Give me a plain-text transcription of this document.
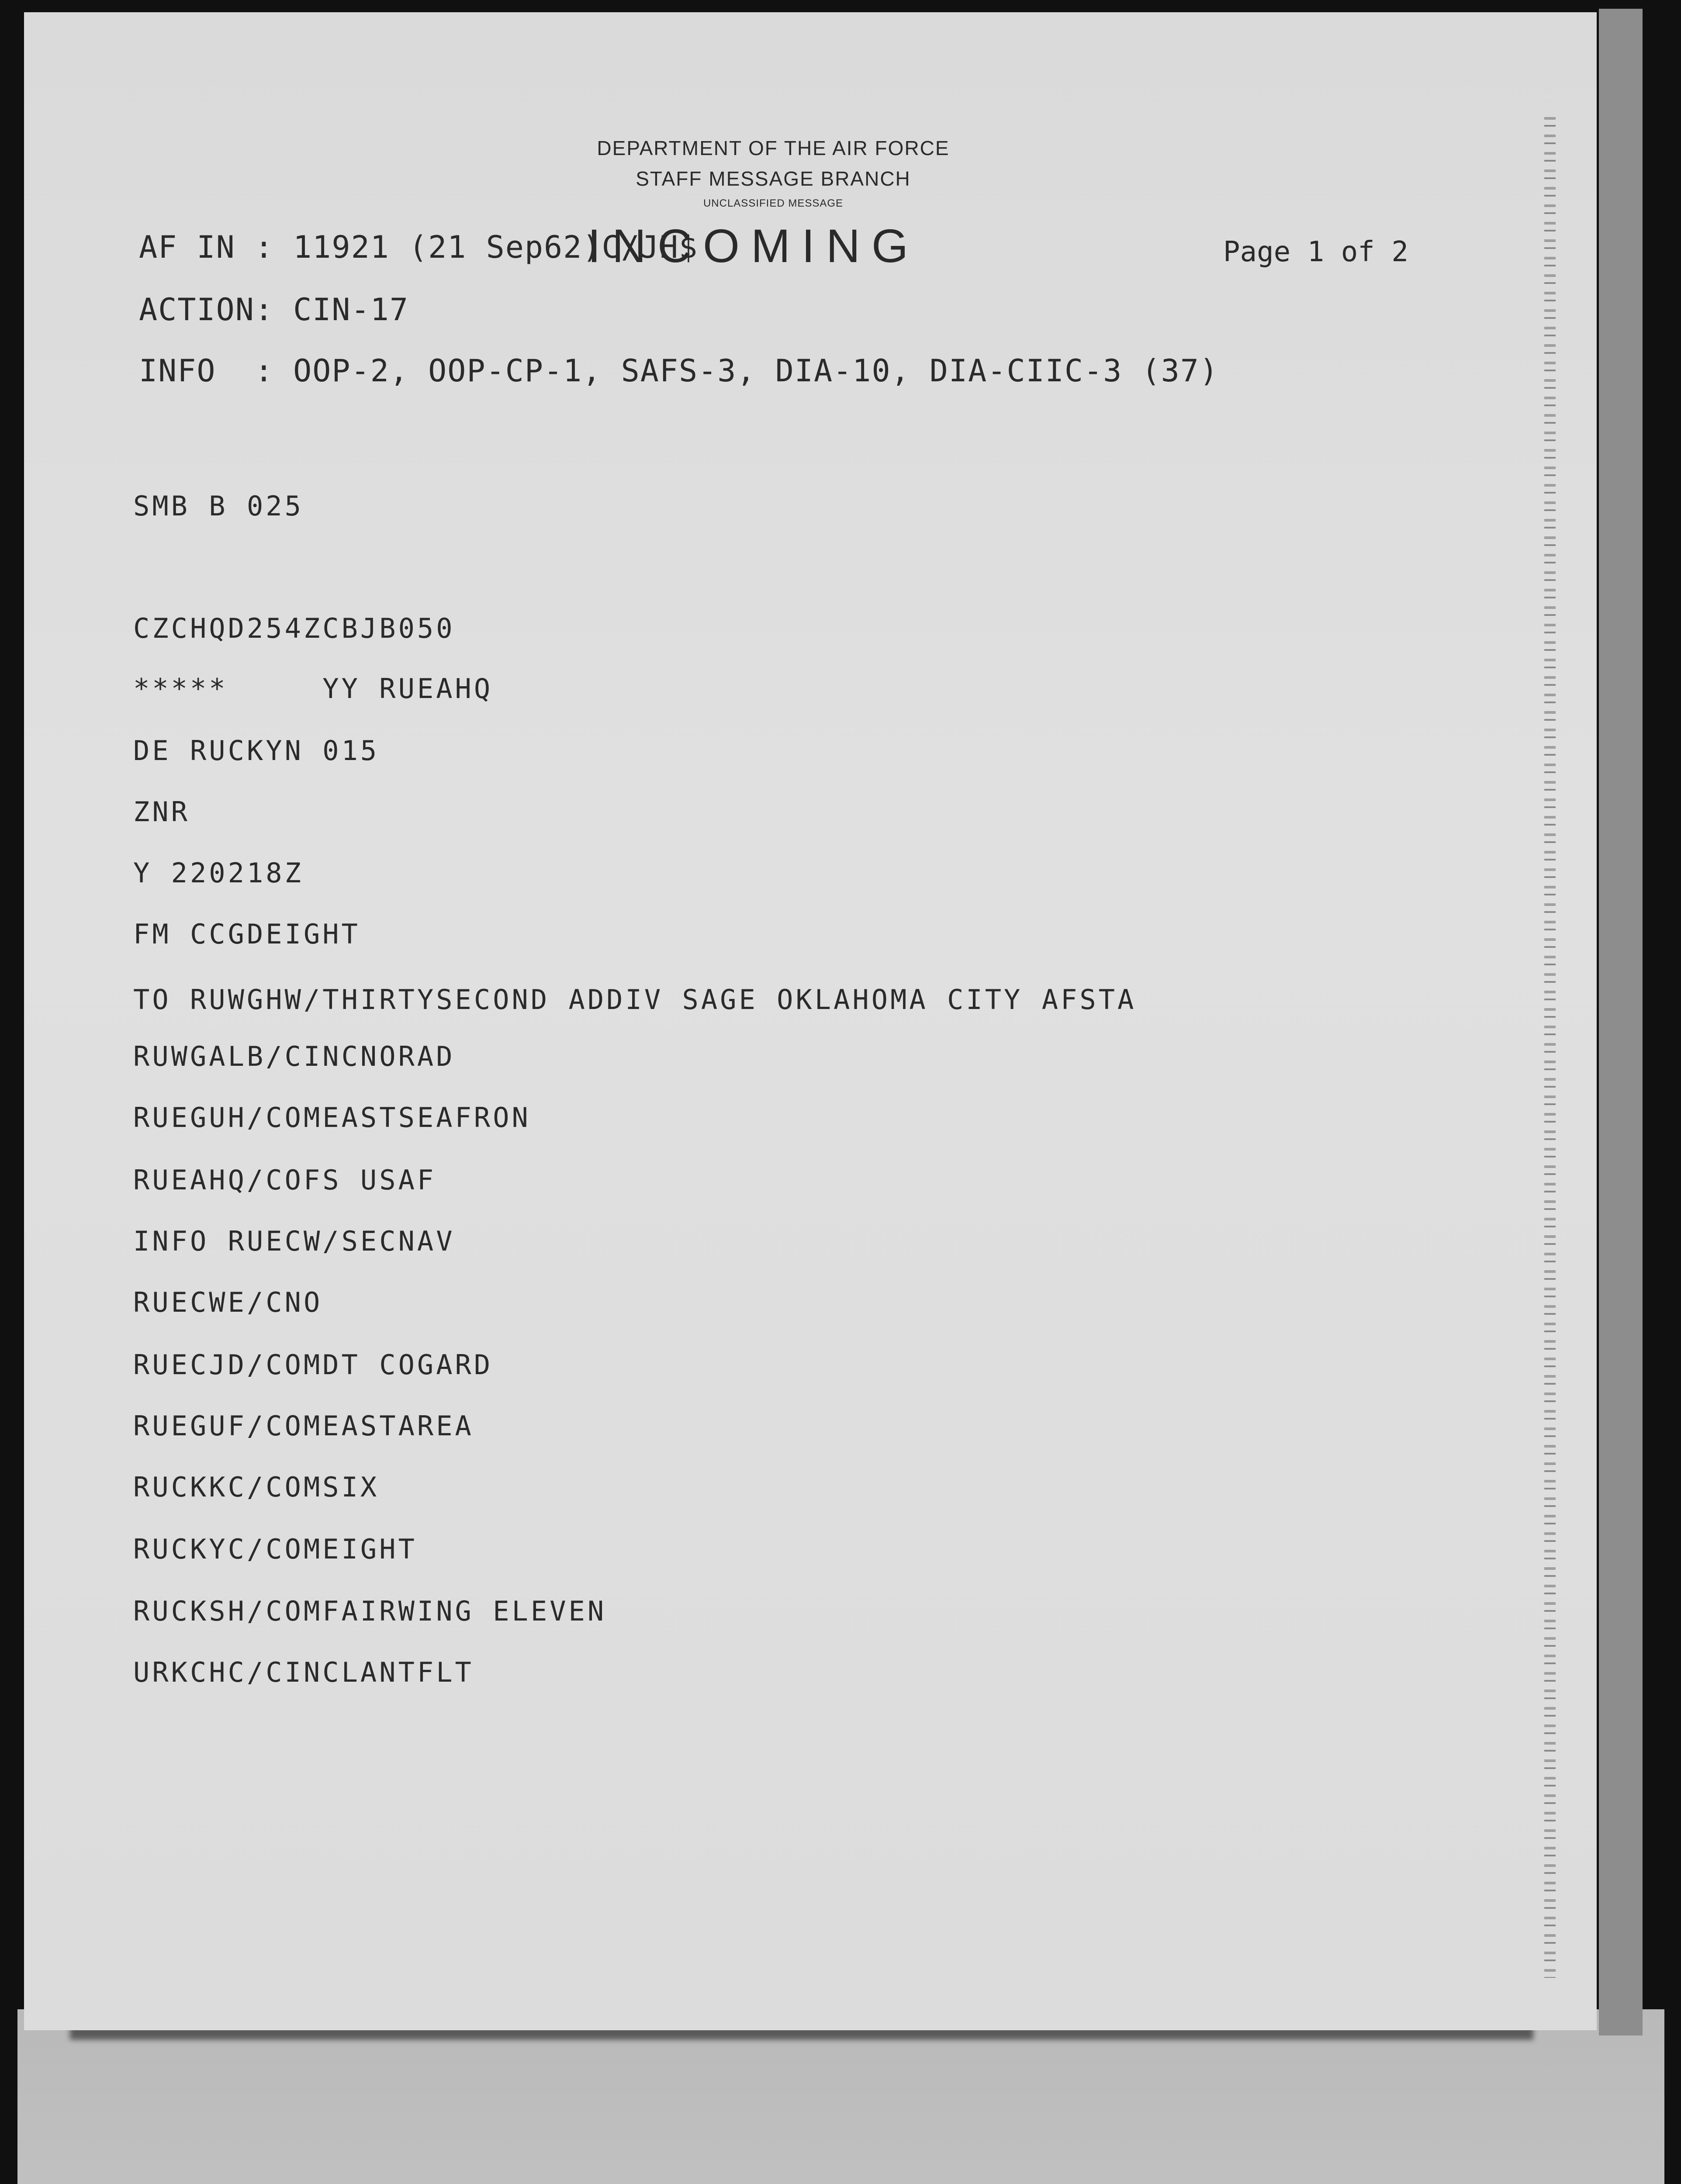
DEPARTMENT OF THE AIR FORCE
STAFF MESSAGE BRANCH
UNCLASSIFIED MESSAGE
AF IN : 11921 (21 Sep62)C/JH$
INCOMING	Page 1 of 2
ACTION: CIN-17
INFO  : OOP-2, OOP-CP-1, SAFS-3, DIA-10, DIA-CIIC-3 (37)
SMB B 025
CZCHQD254ZCBJB050
*****     YY RUEAHQ
DE RUCKYN 015
ZNR
Y 220218Z
FM CCGDEIGHT
TO RUWGHW/THIRTYSECOND ADDIV SAGE OKLAHOMA CITY AFSTA
RUWGALB/CINCNORAD
RUEGUH/COMEASTSEAFRON
RUEAHQ/COFS USAF
INFO RUECW/SECNAV
RUECWE/CNO
RUECJD/COMDT COGARD
RUEGUF/COMEASTAREA
RUCKKC/COMSIX
RUCKYC/COMEIGHT
RUCKSH/COMFAIRWING ELEVEN
URKCHC/CINCLANTFLT
